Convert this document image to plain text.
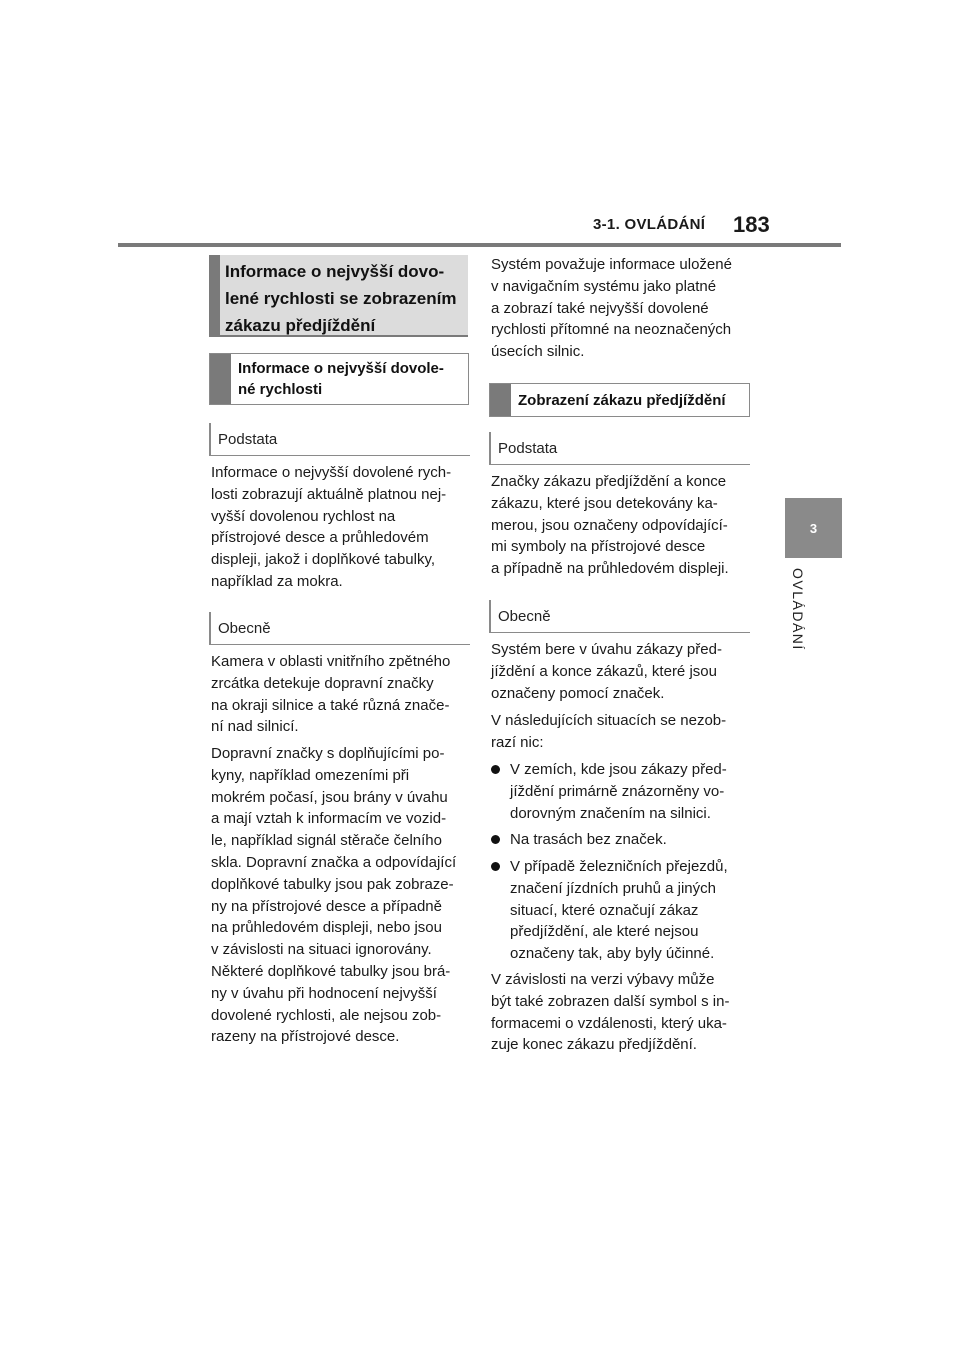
3-1. OVLÁDÁNÍ 183
3
OVLÁDÁNÍ
Informace o nejvyšší dovo-
lené rychlosti se zobrazením
zákazu předjíždění
Informace o nejvyšší dovole-
né rychlosti
Podstata
Informace o nejvyšší dovolené rych-
losti zobrazují aktuálně platnou nej-
vyšší dovolenou rychlost na
přístrojové desce a průhledovém
displeji, jakož i doplňkové tabulky,
například za mokra.
Obecně
Kamera v oblasti vnitřního zpětného
zrcátka detekuje dopravní značky
na okraji silnice a také různá znače-
ní nad silnicí.
Dopravní značky s doplňujícími po-
kyny, například omezeními při
mokrém počasí, jsou brány v úvahu
a mají vztah k informacím ve vozid-
le, například signál stěrače čelního
skla. Dopravní značka a odpovídající
doplňkové tabulky jsou pak zobraze-
ny na přístrojové desce a případně
na průhledovém displeji, nebo jsou
v závislosti na situaci ignorovány.
Některé doplňkové tabulky jsou brá-
ny v úvahu při hodnocení nejvyšší
dovolené rychlosti, ale nejsou zob-
razeny na přístrojové desce.
Systém považuje informace uložené
v navigačním systému jako platné
a zobrazí také nejvyšší dovolené
rychlosti přítomné na neoznačených
úsecích silnic.
Zobrazení zákazu předjíždění
Podstata
Značky zákazu předjíždění a konce
zákazu, které jsou detekovány ka-
merou, jsou označeny odpovídající-
mi symboly na přístrojové desce
a případně na průhledovém displeji.
Obecně
Systém bere v úvahu zákazy před-
jíždění a konce zákazů, které jsou
označeny pomocí značek.
V následujících situacích se nezob-
razí nic:
V zemích, kde jsou zákazy před-
jíždění primárně znázorněny vo-
dorovným značením na silnici.
Na trasách bez značek.
V případě železničních přejezdů,
značení jízdních pruhů a jiných
situací, které označují zákaz
předjíždění, ale které nejsou
označeny tak, aby byly účinné.
V závislosti na verzi výbavy může
být také zobrazen další symbol s in-
formacemi o vzdálenosti, který uka-
zuje konec zákazu předjíždění.
